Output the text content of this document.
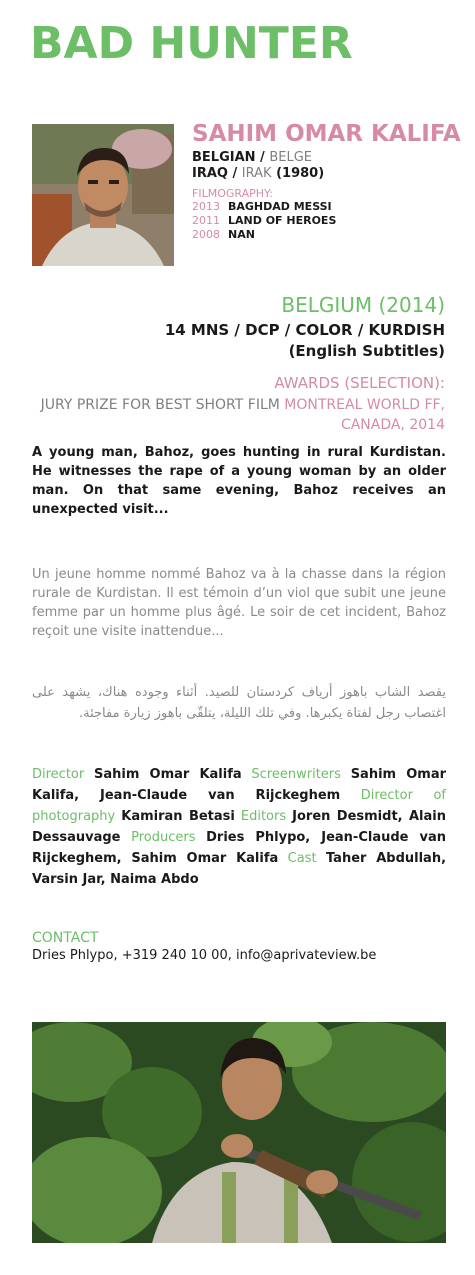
BAD HUNTER
SAHIM OMAR KALIFA
BELGIAN / BELGE
IRAQ / IRAK (1980)
FILMOGRAPHY:
2013 BAGHDAD MESSI
2011 LAND OF HEROES
2008 NAN
BELGIUM (2014)
14 MNS / DCP / COLOR / KURDISH
(English Subtitles)
AWARDS (SELECTION):
JURY PRIZE FOR BEST SHORT FILM MONTREAL WORLD FF, CANADA, 2014

A young man, Bahoz, goes hunting in rural Kurdistan. He witnesses the rape of a young woman by an older man. On that same evening, Bahoz receives an unexpected visit...

Un jeune homme nommé Bahoz va à la chasse dans la région rurale de Kurdistan. Il est témoin d’un viol que subit une jeune femme par un homme plus âgé. Le soir de cet incident, Bahoz reçoit une visite inattendue...

يقصد الشاب باهوز أرياف كردستان للصيد. أثناء وجوده هناك، يشهد على اغتصاب رجل لفتاة يكبرها. وفي تلك الليلة، يتلقّى باهوز زيارة مفاجئة.

Director Sahim Omar Kalifa Screenwriters Sahim Omar Kalifa, Jean-Claude van Rijckeghem Director of photography Kamiran Betasi Editors Joren Desmidt, Alain Dessauvage Producers Dries Phlypo, Jean-Claude van Rijckeghem, Sahim Omar Kalifa Cast Taher Abdullah, Varsin Jar, Naima Abdo

CONTACT
Dries Phlypo, +319 240 10 00, info@aprivateview.be
